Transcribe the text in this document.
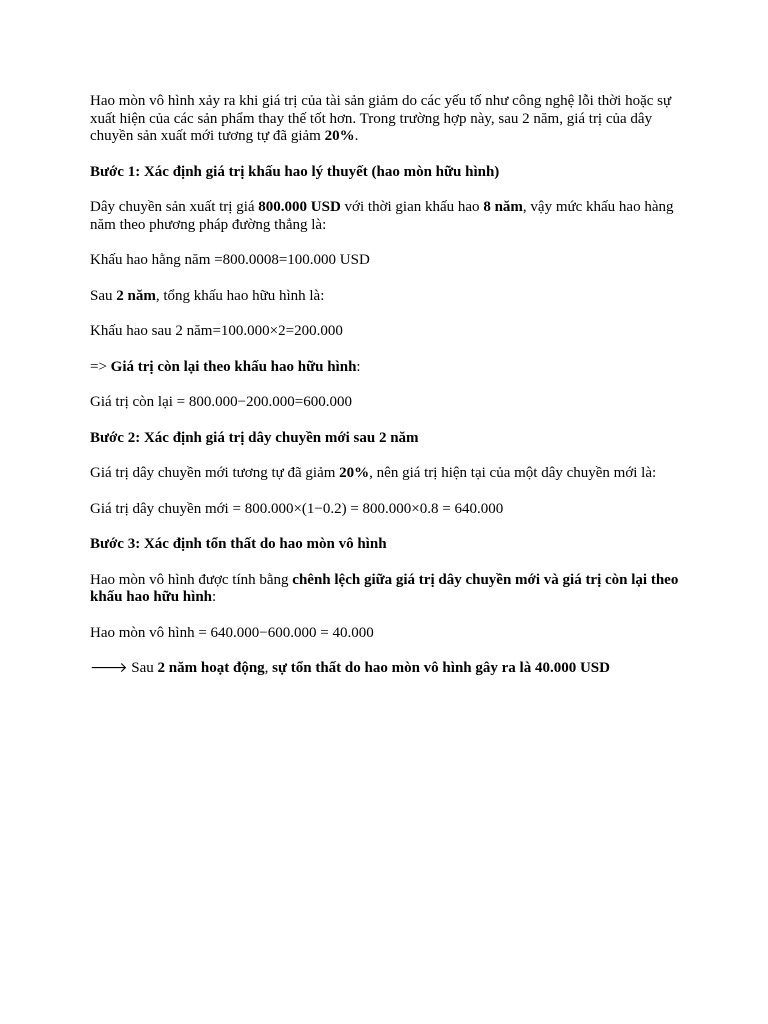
Hao mòn vô hình xảy ra khi giá trị của tài sản giảm do các yếu tố như công nghệ lỗi thời hoặc sự xuất hiện của các sản phẩm thay thế tốt hơn. Trong trường hợp này, sau 2 năm, giá trị của dây chuyền sản xuất mới tương tự đã giảm 20%.

Bước 1: Xác định giá trị khấu hao lý thuyết (hao mòn hữu hình)

Dây chuyền sản xuất trị giá 800.000 USD với thời gian khấu hao 8 năm, vậy mức khấu hao hàng năm theo phương pháp đường thẳng là:

Khấu hao hằng năm =800.0008=100.000 USD

Sau 2 năm, tổng khấu hao hữu hình là:

Khấu hao sau 2 năm=100.000×2=200.000

=> Giá trị còn lại theo khấu hao hữu hình:

Giá trị còn lại = 800.000−200.000=600.000

Bước 2: Xác định giá trị dây chuyền mới sau 2 năm

Giá trị dây chuyền mới tương tự đã giảm 20%, nên giá trị hiện tại của một dây chuyền mới là:

Giá trị dây chuyền mới = 800.000×(1−0.2) = 800.000×0.8 = 640.000

Bước 3: Xác định tổn thất do hao mòn vô hình

Hao mòn vô hình được tính bằng chênh lệch giữa giá trị dây chuyền mới và giá trị còn lại theo khấu hao hữu hình:

Hao mòn vô hình = 640.000−600.000 = 40.000

🡒 Sau 2 năm hoạt động, sự tổn thất do hao mòn vô hình gây ra là 40.000 USD
